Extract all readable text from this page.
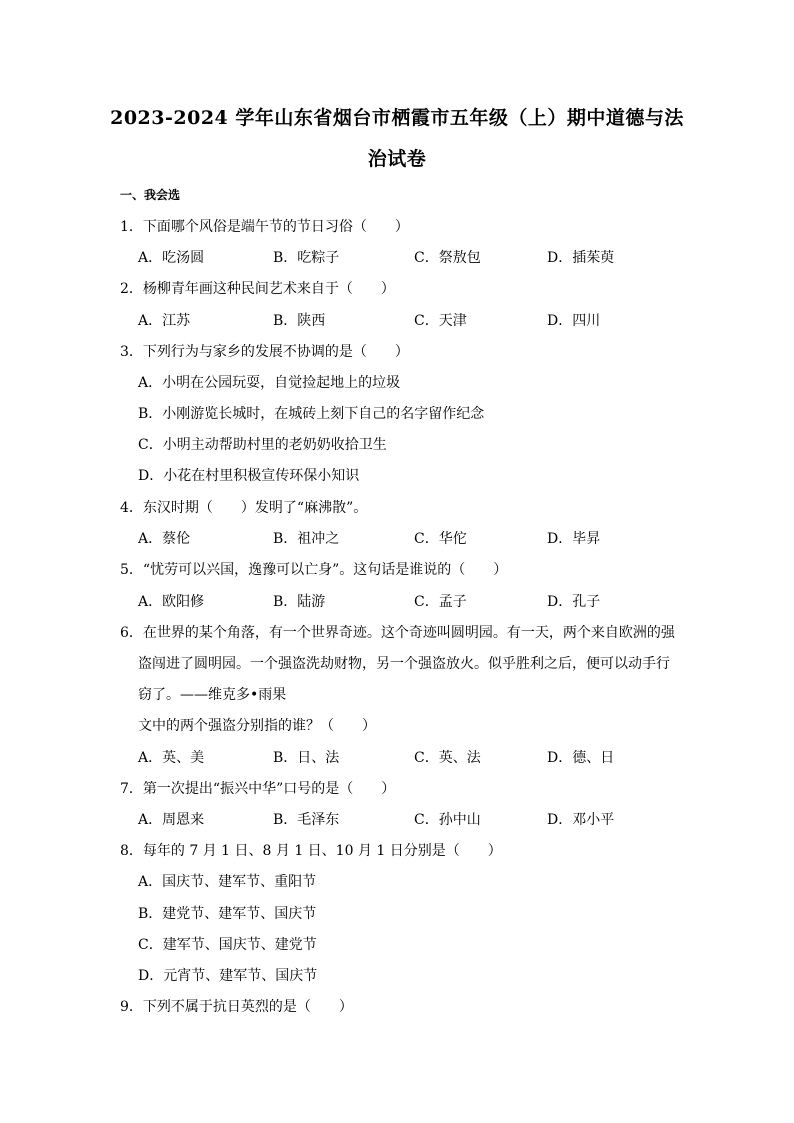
2023-2024 学年山东省烟台市栖霞市五年级（上）期中道德与法
治试卷
一、我会选
1．下面哪个风俗是端午节的节日习俗（　　）
A．吃汤圆	B．吃粽子	C．祭敖包	D．插茱萸
2．杨柳青年画这种民间艺术来自于（　　）
A．江苏	B．陕西	C．天津	D．四川
3．下列行为与家乡的发展不协调的是（　　）
A．小明在公园玩耍，自觉捡起地上的垃圾
B．小刚游览长城时，在城砖上刻下自己的名字留作纪念
C．小明主动帮助村里的老奶奶收拾卫生
D．小花在村里积极宣传环保小知识
4．东汉时期（　　）发明了“麻沸散”。
A．蔡伦	B．祖冲之	C．华佗	D．毕昇
5．“忧劳可以兴国，逸豫可以亡身”。这句话是谁说的（　　）
A．欧阳修	B．陆游	C．孟子	D．孔子
6．在世界的某个角落，有一个世界奇迹。这个奇迹叫圆明园。有一天，两个来自欧洲的强
盗闯进了圆明园。一个强盗洗劫财物，另一个强盗放火。似乎胜利之后，便可以动手行
窃了。——维克多•雨果
文中的两个强盗分别指的谁？（　　）
A．英、美	B．日、法	C．英、法	D．德、日
7．第一次提出“振兴中华”口号的是（　　）
A．周恩来	B．毛泽东	C．孙中山	D．邓小平
8．每年的 7 月 1 日、8 月 1 日、10 月 1 日分别是（　　）
A．国庆节、建军节、重阳节
B．建党节、建军节、国庆节
C．建军节、国庆节、建党节
D．元宵节、建军节、国庆节
9．下列不属于抗日英烈的是（　　）
